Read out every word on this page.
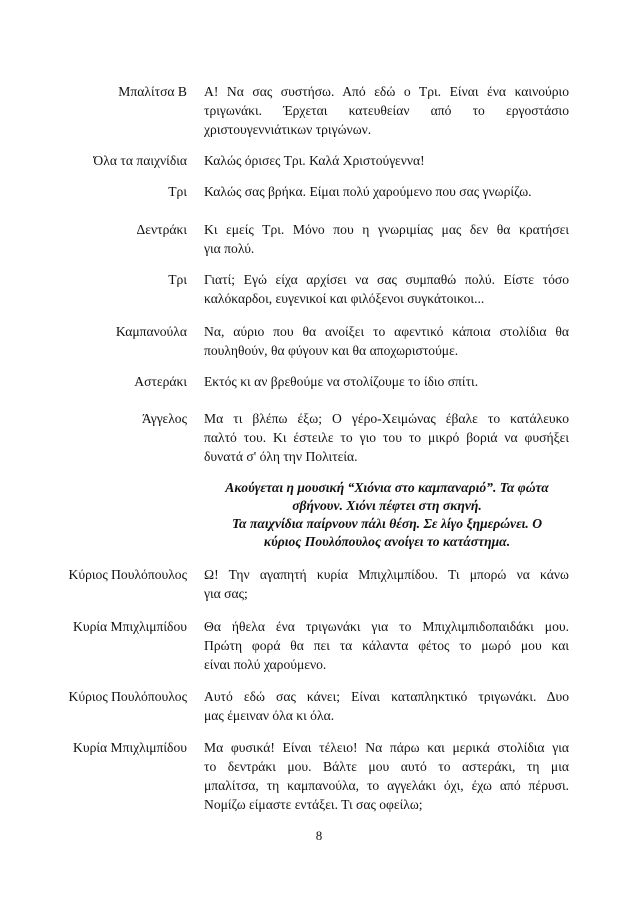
Μπαλίτσα Β Α! Να σας συστήσω. Από εδώ ο Τρι. Είναι ένα καινούριο
τριγωνάκι. Έρχεται κατευθείαν από το εργοστάσιο
χριστουγεννιάτικων τριγώνων.
Όλα τα παιχνίδια Καλώς όρισες Τρι. Καλά Χριστούγεννα!
Τρι Καλώς σας βρήκα. Είμαι πολύ χαρούμενο που σας γνωρίζω.
Δεντράκι Κι εμείς Τρι. Μόνο που η γνωριμίας μας δεν θα κρατήσει
για πολύ.
Τρι Γιατί; Εγώ είχα αρχίσει να σας συμπαθώ πολύ. Είστε τόσο
καλόκαρδοι, ευγενικοί και φιλόξενοι συγκάτοικοι...
Καμπανούλα Να, αύριο που θα ανοίξει το αφεντικό κάποια στολίδια θα
πουληθούν, θα φύγουν και θα αποχωριστούμε.
Αστεράκι Εκτός κι αν βρεθούμε να στολίζουμε το ίδιο σπίτι.
Άγγελος Μα τι βλέπω έξω; Ο γέρο-Χειμώνας έβαλε το κατάλευκο
παλτό του. Κι έστειλε το γιο του το μικρό βοριά να φυσήξει
δυνατά σ' όλη την Πολιτεία.
Ακούγεται η μουσική “Χιόνια στο καμπαναριό”. Τα φώτα
σβήνουν. Χιόνι πέφτει στη σκηνή.
Τα παιχνίδια παίρνουν πάλι θέση. Σε λίγο ξημερώνει. Ο
κύριος Πουλόπουλος ανοίγει το κατάστημα.
Κύριος Πουλόπουλος Ω! Την αγαπητή κυρία Μπιχλιμπίδου. Τι μπορώ να κάνω
για σας;
Κυρία Μπιχλιμπίδου Θα ήθελα ένα τριγωνάκι για το Μπιχλιμπιδοπαιδάκι μου.
Πρώτη φορά θα πει τα κάλαντα φέτος το μωρό μου και
είναι πολύ χαρούμενο.
Κύριος Πουλόπουλος Αυτό εδώ σας κάνει; Είναι καταπληκτικό τριγωνάκι. Δυο
μας έμειναν όλα κι όλα.
Κυρία Μπιχλιμπίδου Μα φυσικά! Είναι τέλειο! Να πάρω και μερικά στολίδια για
το δεντράκι μου. Βάλτε μου αυτό το αστεράκι, τη μια
μπαλίτσα, τη καμπανούλα, το αγγελάκι όχι, έχω από πέρυσι.
Νομίζω είμαστε εντάξει. Τι σας οφείλω;
8
